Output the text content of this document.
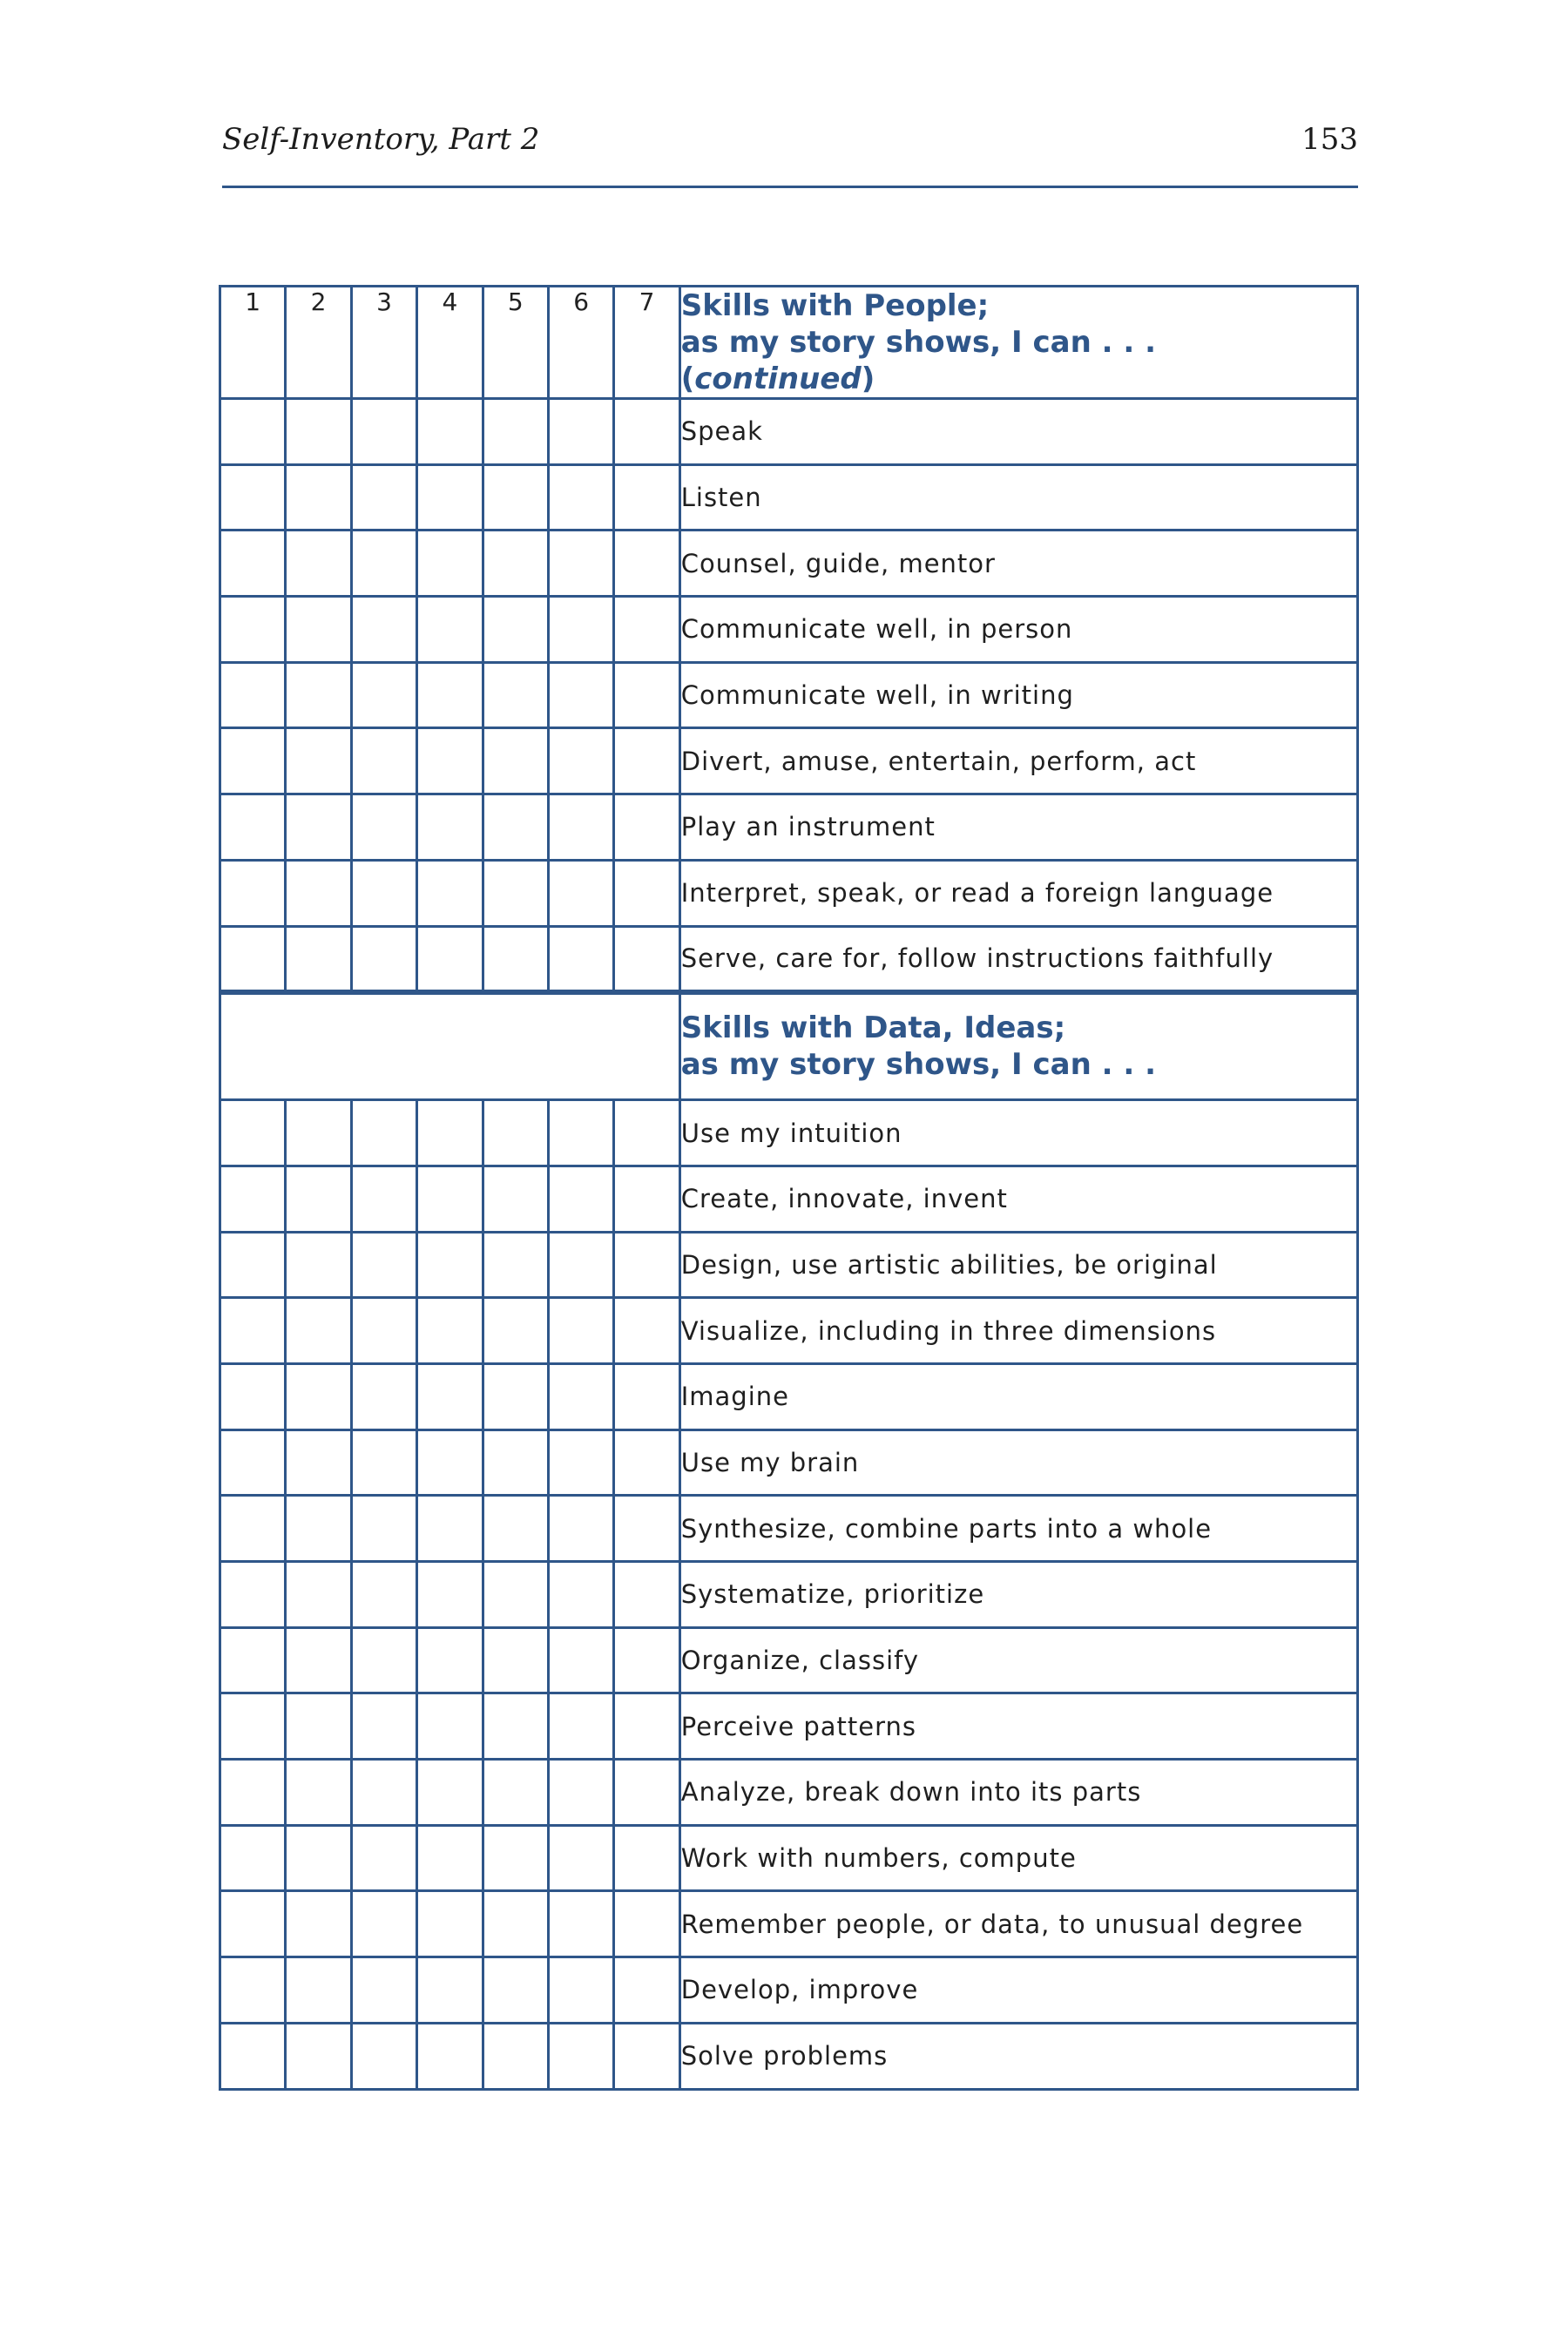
Self-Inventory, Part 2	153
1	2	3	4	5	6	7	Skills with People;
as my story shows, I can . . . (continued)

							Speak
							Listen
							Counsel, guide, mentor
							Communicate well, in person
							Communicate well, in writing
							Divert, amuse, entertain, perform, act
							Play an instrument
							Interpret, speak, or read a foreign language
							Serve, care for, follow instructions faithfully

							Skills with Data, Ideas;
as my story shows, I can . . .

							Use my intuition
							Create, innovate, invent
							Design, use artistic abilities, be original
							Visualize, including in three dimensions
							Imagine
							Use my brain
							Synthesize, combine parts into a whole
							Systematize, prioritize
							Organize, classify
							Perceive patterns
							Analyze, break down into its parts
							Work with numbers, compute
							Remember people, or data, to unusual degree
							Develop, improve
							Solve problems
